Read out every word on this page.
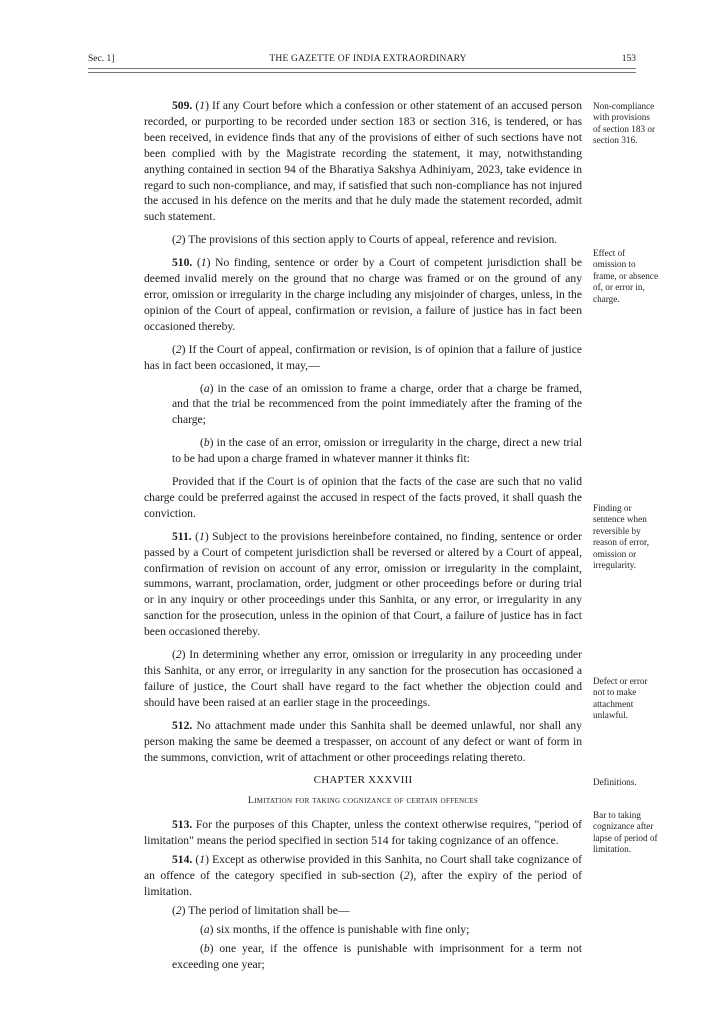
Sec. 1]	THE GAZETTE OF INDIA EXTRAORDINARY	153

509. (1) If any Court before which a confession or other statement of an accused person recorded, or purporting to be recorded under section 183 or section 316, is tendered, or has been received, in evidence finds that any of the provisions of either of such sections have not been complied with by the Magistrate recording the statement, it may, notwithstanding anything contained in section 94 of the Bharatiya Sakshya Adhiniyam, 2023, take evidence in regard to such non-compliance, and may, if satisfied that such non-compliance has not injured the accused in his defence on the merits and that he duly made the statement recorded, admit such statement.

(2) The provisions of this section apply to Courts of appeal, reference and revision.

510. (1) No finding, sentence or order by a Court of competent jurisdiction shall be deemed invalid merely on the ground that no charge was framed or on the ground of any error, omission or irregularity in the charge including any misjoinder of charges, unless, in the opinion of the Court of appeal, confirmation or revision, a failure of justice has in fact been occasioned thereby.

(2) If the Court of appeal, confirmation or revision, is of opinion that a failure of justice has in fact been occasioned, it may,—

(a) in the case of an omission to frame a charge, order that a charge be framed, and that the trial be recommenced from the point immediately after the framing of the charge;

(b) in the case of an error, omission or irregularity in the charge, direct a new trial to be had upon a charge framed in whatever manner it thinks fit:

Provided that if the Court is of opinion that the facts of the case are such that no valid charge could be preferred against the accused in respect of the facts proved, it shall quash the conviction.

511. (1) Subject to the provisions hereinbefore contained, no finding, sentence or order passed by a Court of competent jurisdiction shall be reversed or altered by a Court of appeal, confirmation of revision on account of any error, omission or irregularity in the complaint, summons, warrant, proclamation, order, judgment or other proceedings before or during trial or in any inquiry or other proceedings under this Sanhita, or any error, or irregularity in any sanction for the prosecution, unless in the opinion of that Court, a failure of justice has in fact been occasioned thereby.

(2) In determining whether any error, omission or irregularity in any proceeding under this Sanhita, or any error, or irregularity in any sanction for the prosecution has occasioned a failure of justice, the Court shall have regard to the fact whether the objection could and should have been raised at an earlier stage in the proceedings.

512. No attachment made under this Sanhita shall be deemed unlawful, nor shall any person making the same be deemed a trespasser, on account of any defect or want of form in the summons, conviction, writ of attachment or other proceedings relating thereto.

CHAPTER XXXVIII

Limitation for taking cognizance of certain offences

513. For the purposes of this Chapter, unless the context otherwise requires, "period of limitation" means the period specified in section 514 for taking cognizance of an offence.

514. (1) Except as otherwise provided in this Sanhita, no Court shall take cognizance of an offence of the category specified in sub-section (2), after the expiry of the period of limitation.

(2) The period of limitation shall be—

(a) six months, if the offence is punishable with fine only;

(b) one year, if the offence is punishable with imprisonment for a term not exceeding one year;

Non-compliance with provisions of section 183 or section 316.
Effect of omission to frame, or absence of, or error in, charge.
Finding or sentence when reversible by reason of error, omission or irregularity.
Defect or error not to make attachment unlawful.
Definitions.
Bar to taking cognizance after lapse of period of limitation.
